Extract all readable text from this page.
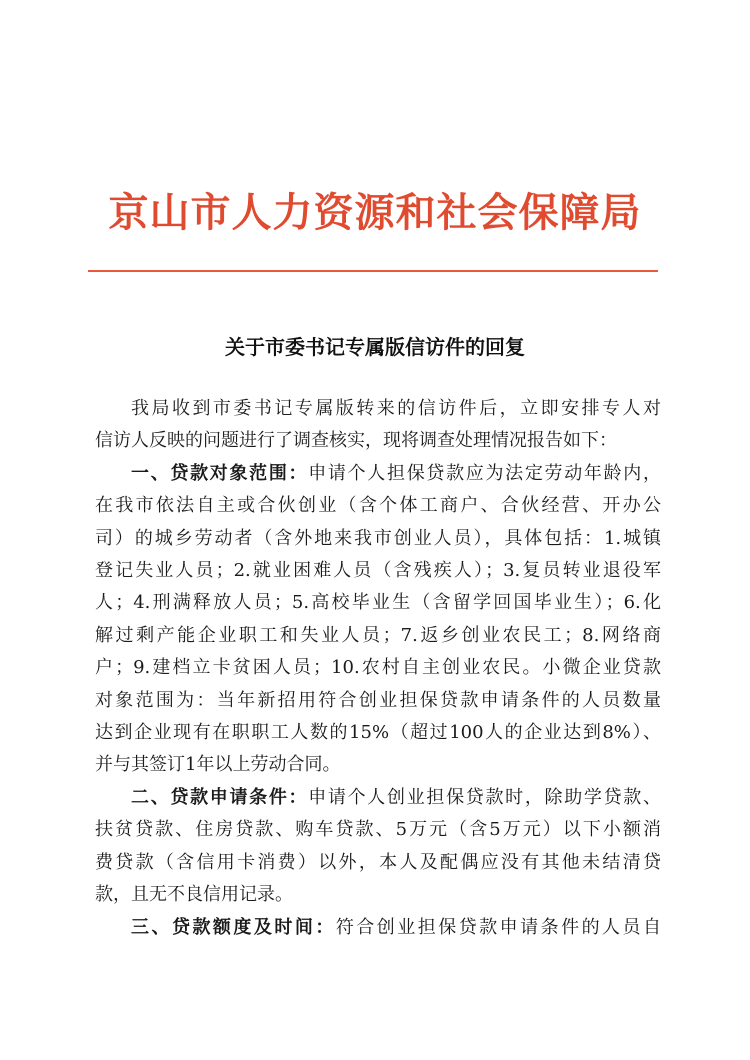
京山市人力资源和社会保障局
关于市委书记专属版信访件的回复
我局收到市委书记专属版转来的信访件后，立即安排专人对
信访人反映的问题进行了调查核实，现将调查处理情况报告如下：
一、贷款对象范围：申请个人担保贷款应为法定劳动年龄内，
在我市依法自主或合伙创业（含个体工商户、合伙经营、开办公
司）的城乡劳动者（含外地来我市创业人员），具体包括：1.城镇
登记失业人员；2.就业困难人员（含残疾人）；3.复员转业退役军
人；4.刑满释放人员；5.高校毕业生（含留学回国毕业生）；6.化
解过剩产能企业职工和失业人员；7.返乡创业农民工；8.网络商
户；9.建档立卡贫困人员；10.农村自主创业农民。小微企业贷款
对象范围为：当年新招用符合创业担保贷款申请条件的人员数量
达到企业现有在职职工人数的15%（超过100人的企业达到8%）、
并与其签订1年以上劳动合同。
二、贷款申请条件：申请个人创业担保贷款时，除助学贷款、
扶贫贷款、住房贷款、购车贷款、5万元（含5万元）以下小额消
费贷款（含信用卡消费）以外，本人及配偶应没有其他未结清贷
款，且无不良信用记录。
三、贷款额度及时间：符合创业担保贷款申请条件的人员自
